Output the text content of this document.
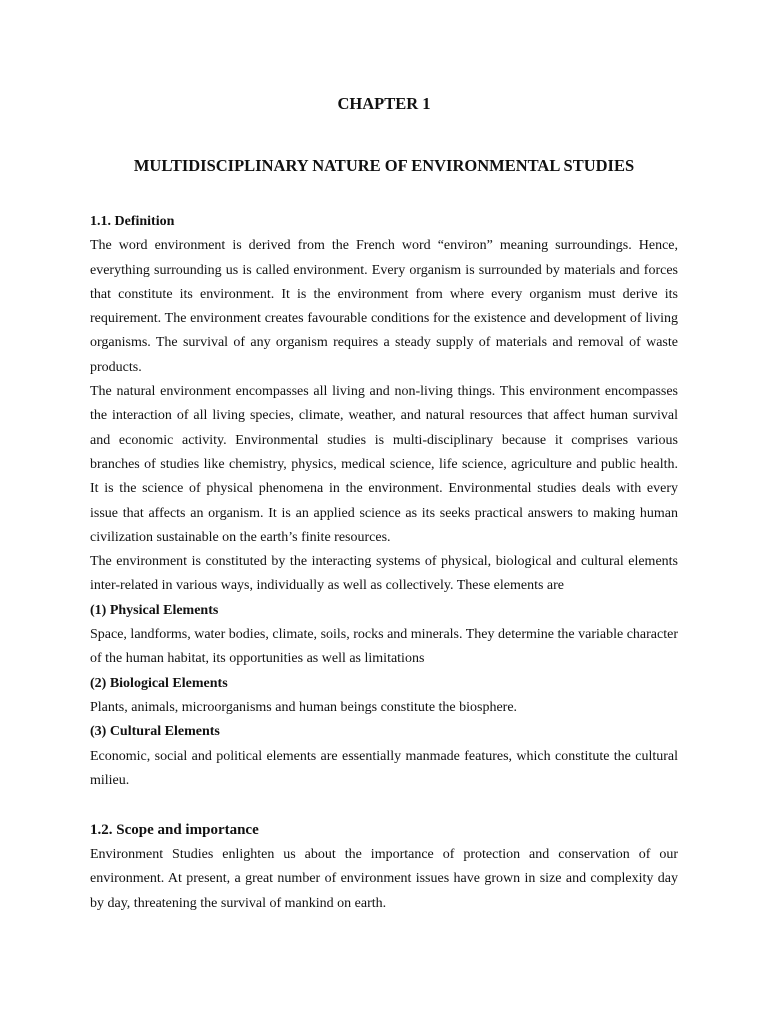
CHAPTER 1
MULTIDISCIPLINARY NATURE OF ENVIRONMENTAL STUDIES
1.1. Definition

The word environment is derived from the French word “environ” meaning surroundings. Hence, everything surrounding us is called environment. Every organism is surrounded by materials and forces that constitute its environment. It is the environment from where every organism must derive its requirement. The environment creates favourable conditions for the existence and development of living organisms. The survival of any organism requires a steady supply of materials and removal of waste products.

The natural environment encompasses all living and non-living things. This environment encompasses the interaction of all living species, climate, weather, and natural resources that affect human survival and economic activity. Environmental studies is multi-disciplinary because it comprises various branches of studies like chemistry, physics, medical science, life science, agriculture and public health. It is the science of physical phenomena in the environment. Environmental studies deals with every issue that affects an organism. It is an applied science as its seeks practical answers to making human civilization sustainable on the earth’s finite resources.

The environment is constituted by the interacting systems of physical, biological and cultural elements inter-related in various ways, individually as well as collectively. These elements are

(1) Physical Elements

Space, landforms, water bodies, climate, soils, rocks and minerals. They determine the variable character of the human habitat, its opportunities as well as limitations

(2) Biological Elements

Plants, animals, microorganisms and human beings constitute the biosphere.

(3) Cultural Elements

Economic, social and political elements are essentially manmade features, which constitute the cultural milieu.

1.2. Scope and importance

Environment Studies enlighten us about the importance of protection and conservation of our environment. At present, a great number of environment issues have grown in size and complexity day by day, threatening the survival of mankind on earth.
